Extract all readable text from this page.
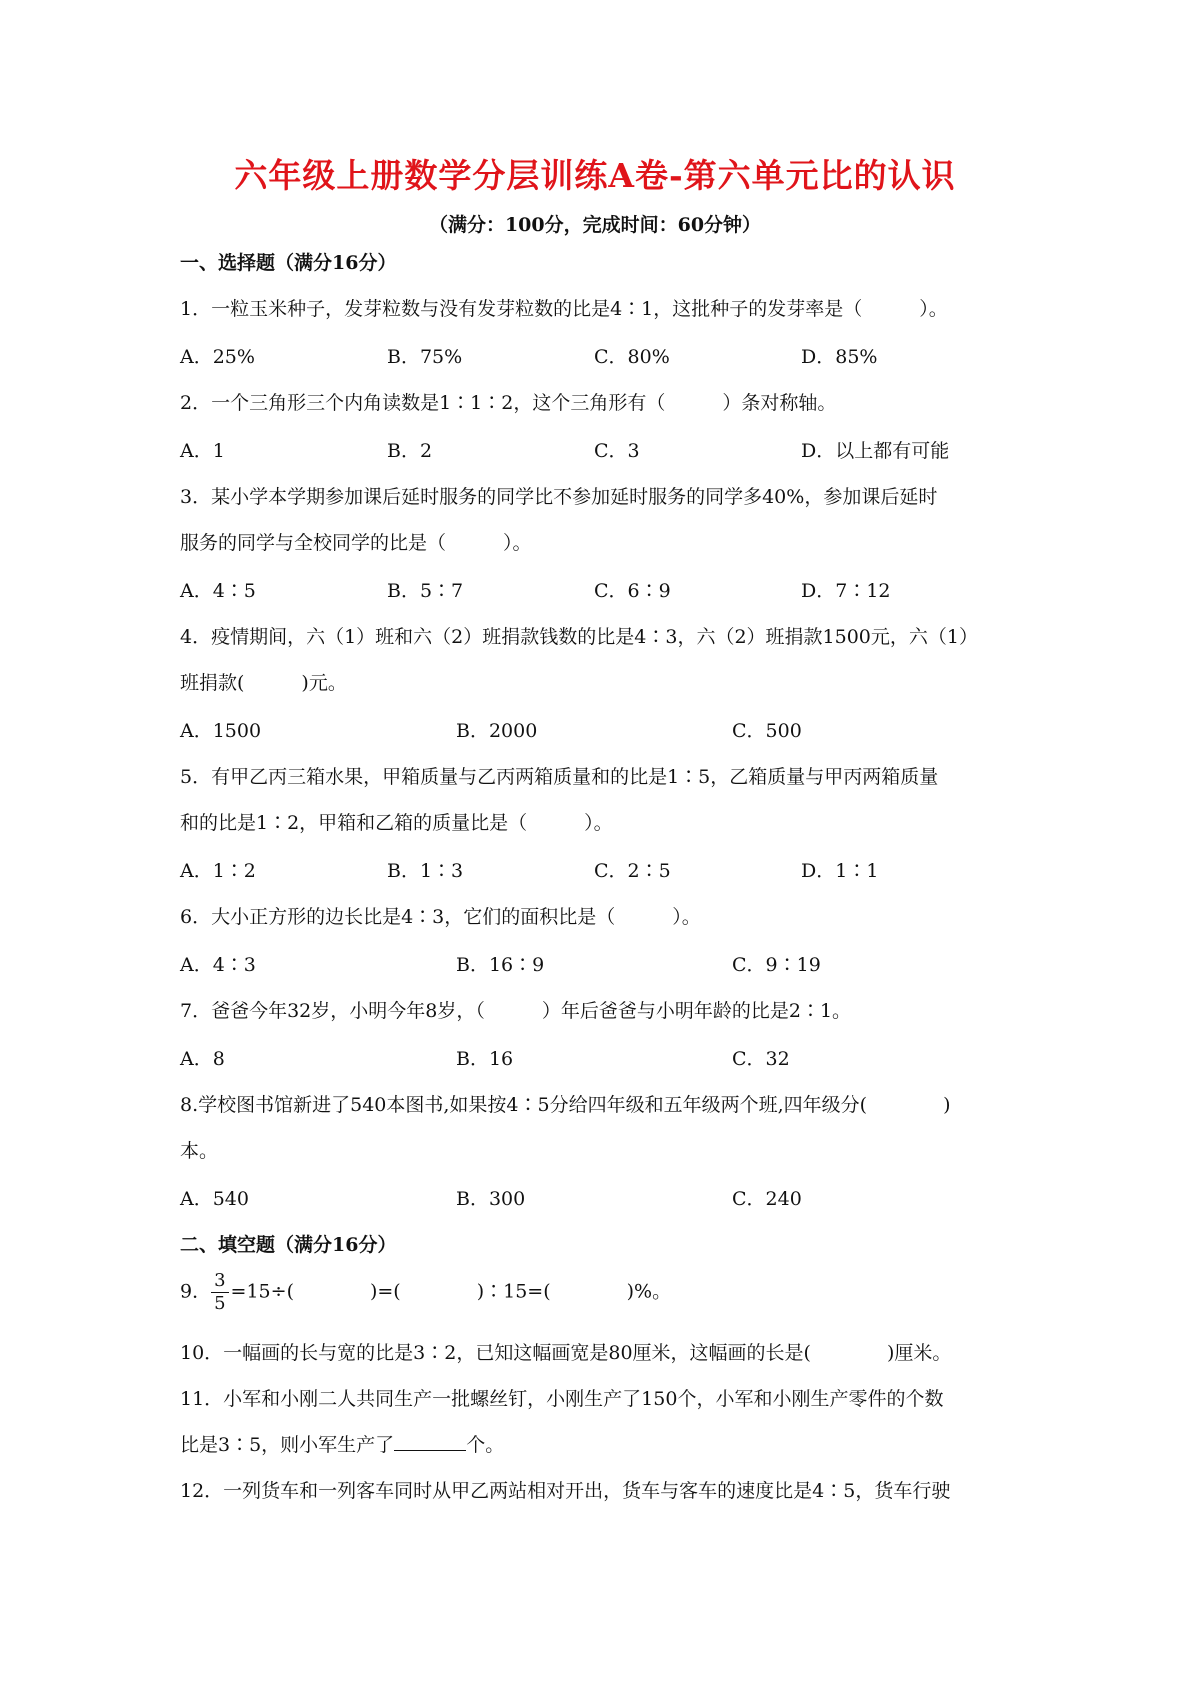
六年级上册数学分层训练A卷-第六单元比的认识
（满分：100分，完成时间：60分钟）
一、选择题（满分16分）
1．一粒玉米种子，发芽粒数与没有发芽粒数的比是4∶1，这批种子的发芽率是（　　　）。
A．25%	B．75%	C．80%	D．85%
2．一个三角形三个内角读数是1∶1∶2，这个三角形有（　　　）条对称轴。
A．1	B．2	C．3	D．以上都有可能
3．某小学本学期参加课后延时服务的同学比不参加延时服务的同学多40%，参加课后延时
服务的同学与全校同学的比是（　　　）。
A．4∶5	B．5∶7	C．6∶9	D．7∶12
4．疫情期间，六（1）班和六（2）班捐款钱数的比是4∶3，六（2）班捐款1500元，六（1）
班捐款(　　　)元。
A．1500	B．2000	C．500
5．有甲乙丙三箱水果，甲箱质量与乙丙两箱质量和的比是1∶5，乙箱质量与甲丙两箱质量
和的比是1∶2，甲箱和乙箱的质量比是（　　　）。
A．1∶2	B．1∶3	C．2∶5	D．1∶1
6．大小正方形的边长比是4∶3，它们的面积比是（　　　）。
A．4∶3	B．16∶9	C．9∶19
7．爸爸今年32岁，小明今年8岁，（　　　）年后爸爸与小明年龄的比是2∶1。
A．8	B．16	C．32
8.学校图书馆新进了540本图书,如果按4∶5分给四年级和五年级两个班,四年级分(　　　　)
本。
A．540	B．300	C．240
二、填空题（满分16分）
9． $\frac{3}{5} =15\div$(　　　　)=(　　　　)∶15=(　　　　)%。
10．一幅画的长与宽的比是3∶2，已知这幅画宽是80厘米，这幅画的长是(　　　　)厘米。
11．小军和小刚二人共同生产一批螺丝钉，小刚生产了150个，小军和小刚生产零件的个数
比是3∶5，则小军生产了	个。
12．一列货车和一列客车同时从甲乙两站相对开出，货车与客车的速度比是4∶5，货车行驶
